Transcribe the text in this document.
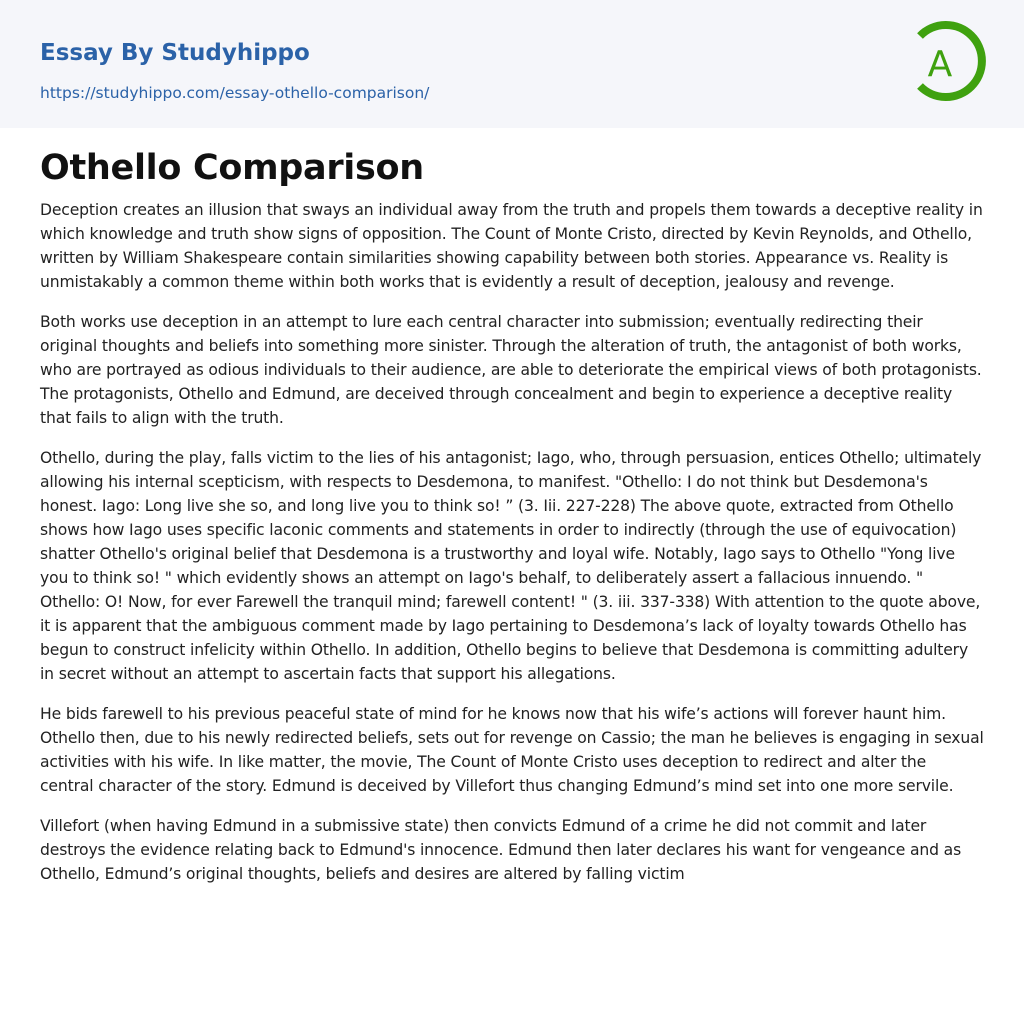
Essay By Studyhippo
https://studyhippo.com/essay-othello-comparison/
A
Othello Comparison

Deception creates an illusion that sways an individual away from the truth and propels them towards a deceptive reality in which knowledge and truth show signs of opposition. The Count of Monte Cristo, directed by Kevin Reynolds, and Othello, written by William Shakespeare contain similarities showing capability between both stories. Appearance vs. Reality is unmistakably a common theme within both works that is evidently a result of deception, jealousy and revenge.

Both works use deception in an attempt to lure each central character into submission; eventually redirecting their original thoughts and beliefs into something more sinister. Through the alteration of truth, the antagonist of both works, who are portrayed as odious individuals to their audience, are able to deteriorate the empirical views of both protagonists. The protagonists, Othello and Edmund, are deceived through concealment and begin to experience a deceptive reality that fails to align with the truth.

Othello, during the play, falls victim to the lies of his antagonist; Iago, who, through persuasion, entices Othello; ultimately allowing his internal scepticism, with respects to Desdemona, to manifest. "Othello: I do not think but Desdemona's honest. Iago: Long live she so, and long live you to think so! ” (3. Iii. 227-228) The above quote, extracted from Othello shows how Iago uses specific laconic comments and statements in order to indirectly (through the use of equivocation) shatter Othello's original belief that Desdemona is a trustworthy and loyal wife. Notably, Iago says to Othello "Yong live you to think so! " which evidently shows an attempt on Iago's behalf, to deliberately assert a fallacious innuendo. " Othello: O! Now, for ever Farewell the tranquil mind; farewell content! " (3. iii. 337-338) With attention to the quote above, it is apparent that the ambiguous comment made by Iago pertaining to Desdemona’s lack of loyalty towards Othello has begun to construct infelicity within Othello. In addition, Othello begins to believe that Desdemona is committing adultery in secret without an attempt to ascertain facts that support his allegations.

He bids farewell to his previous peaceful state of mind for he knows now that his wife’s actions will forever haunt him. Othello then, due to his newly redirected beliefs, sets out for revenge on Cassio; the man he believes is engaging in sexual activities with his wife. In like matter, the movie, The Count of Monte Cristo uses deception to redirect and alter the central character of the story. Edmund is deceived by Villefort thus changing Edmund’s mind set into one more servile.

Villefort (when having Edmund in a submissive state) then convicts Edmund of a crime he did not commit and later destroys the evidence relating back to Edmund's innocence. Edmund then later declares his want for vengeance and as Othello, Edmund’s original thoughts, beliefs and desires are altered by falling victim
